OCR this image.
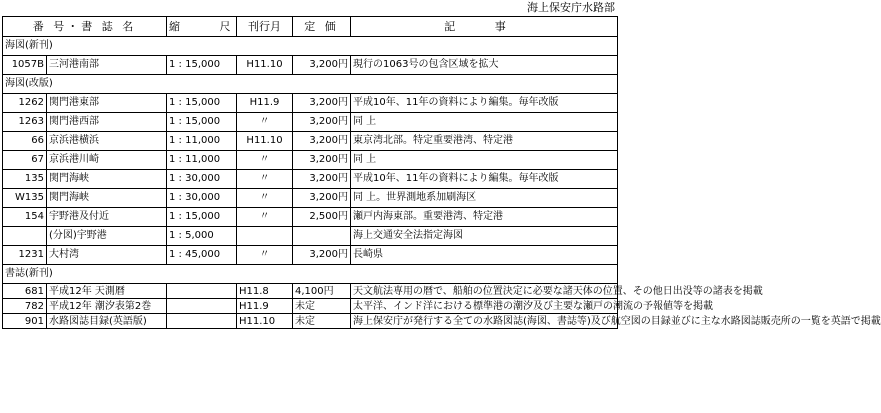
海上保安庁水路部
番 号・書 誌 名		縮 尺	刊行月	定 価	記 事
海図(新刊)					
1057B	三河港南部	1 : 15,000	H11.10	3,200円	現行の1063号の包含区域を拡大
海図(改版)					
1262	関門港東部	1 : 15,000	H11.9	3,200円	平成10年、11年の資料により編集。毎年改版
1263	関門港西部	1 : 15,000	〃	3,200円	同 上
66	京浜港横浜	1 : 11,000	H11.10	3,200円	東京湾北部。特定重要港湾、特定港
67	京浜港川崎	1 : 11,000	〃	3,200円	同 上
135	関門海峡	1 : 30,000	〃	3,200円	平成10年、11年の資料により編集。毎年改版
W135	関門海峡	1 : 30,000	〃	3,200円	同 上。世界測地系加刷海区
154	宇野港及付近	1 : 15,000	〃	2,500円	瀬戸内海東部。重要港湾、特定港
	(分図)宇野港	1 : 5,000			海上交通安全法指定海図
1231	大村湾	1 : 45,000	〃	3,200円	長崎県
書誌(新刊)					
681	平成12年 天測暦		H11.8	4,100円	天文航法専用の暦で、船舶の位置決定に必要な諸天体の位置、その他日出没等の諸表を掲載
782	平成12年 潮汐表第2巻		H11.9	未定	太平洋、インド洋における標準港の潮汐及び主要な瀬戸の潮流の予報値等を掲載
901	水路図誌目録(英語版)		H11.10	未定	海上保安庁が発行する全ての水路図誌(海図、書誌等)及び航空図の目録並びに主な水路図誌販売所の一覧を英語で掲載
